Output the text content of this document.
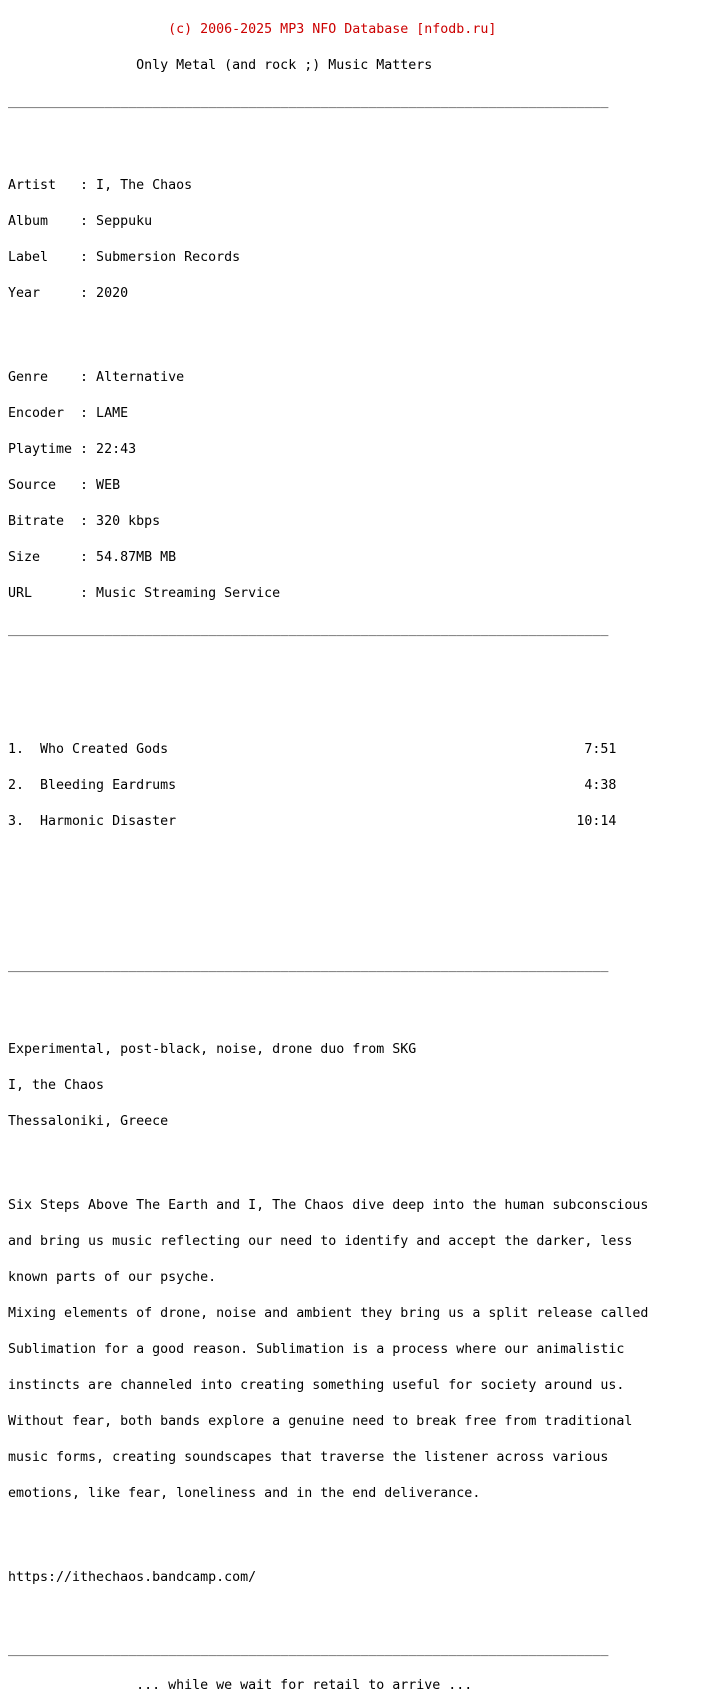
(c) 2006-2025 MP3 NFO Database [nfodb.ru]

Only Metal (and rock ;) Music Matters

___________________________________________________________________________

Artist   : I, The Chaos

Album    : Seppuku

Label    : Submersion Records

Year     : 2020

Genre    : Alternative

Encoder  : LAME

Playtime : 22:43

Source   : WEB

Bitrate  : 320 kbps

Size     : 54.87MB MB

URL      : Music Streaming Service

___________________________________________________________________________

1.  Who Created Gods                                                    7:51

2.  Bleeding Eardrums                                                   4:38

3.  Harmonic Disaster                                                  10:14

___________________________________________________________________________

Experimental, post-black, noise, drone duo from SKG

I, the Chaos

Thessaloniki, Greece

Six Steps Above The Earth and I, The Chaos dive deep into the human subconscious

and bring us music reflecting our need to identify and accept the darker, less

known parts of our psyche.

Mixing elements of drone, noise and ambient they bring us a split release called

Sublimation for a good reason. Sublimation is a process where our animalistic

instincts are channeled into creating something useful for society around us.

Without fear, both bands explore a genuine need to break free from traditional

music forms, creating soundscapes that traverse the listener across various

emotions, like fear, loneliness and in the end deliverance.

https://ithechaos.bandcamp.com/

___________________________________________________________________________

... while we wait for retail to arrive ...
